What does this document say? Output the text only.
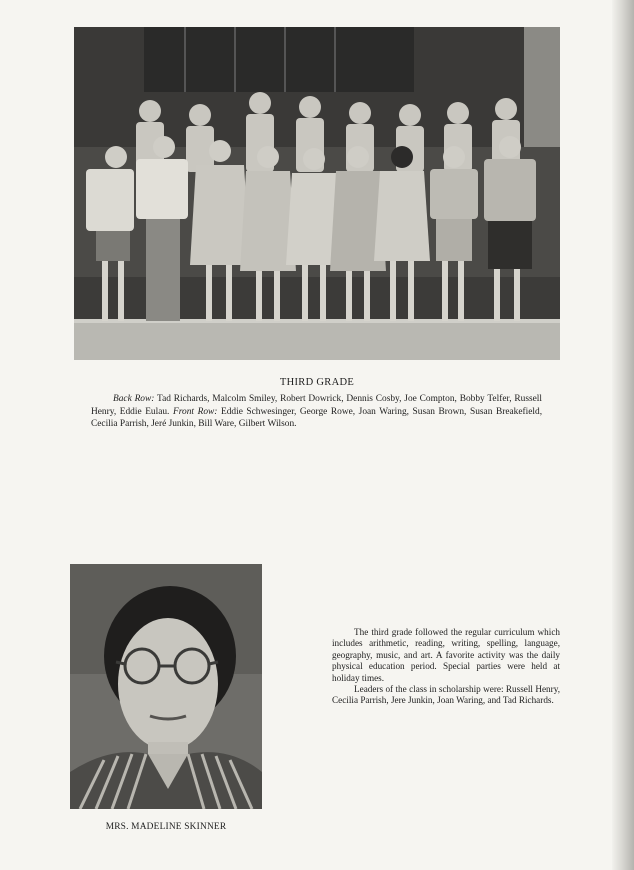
THIRD GRADE

Back Row: Tad Richards, Malcolm Smiley, Robert Dowrick, Dennis Cosby, Joe Compton, Bobby Telfer, Russell Henry, Eddie Eulau. Front Row: Eddie Schwesinger, George Rowe, Joan Waring, Susan Brown, Susan Breakefield, Cecilia Parrish, Jeré Junkin, Bill Ware, Gilbert Wilson.

MRS. MADELINE SKINNER

The third grade followed the regular curriculum which includes arithmetic, reading, writing, spelling, language, geography, music, and art. A favorite activity was the daily physical education period. Special parties were held at holiday times.

Leaders of the class in scholarship were: Russell Henry, Cecilia Parrish, Jere Junkin, Joan Waring, and Tad Richards.
